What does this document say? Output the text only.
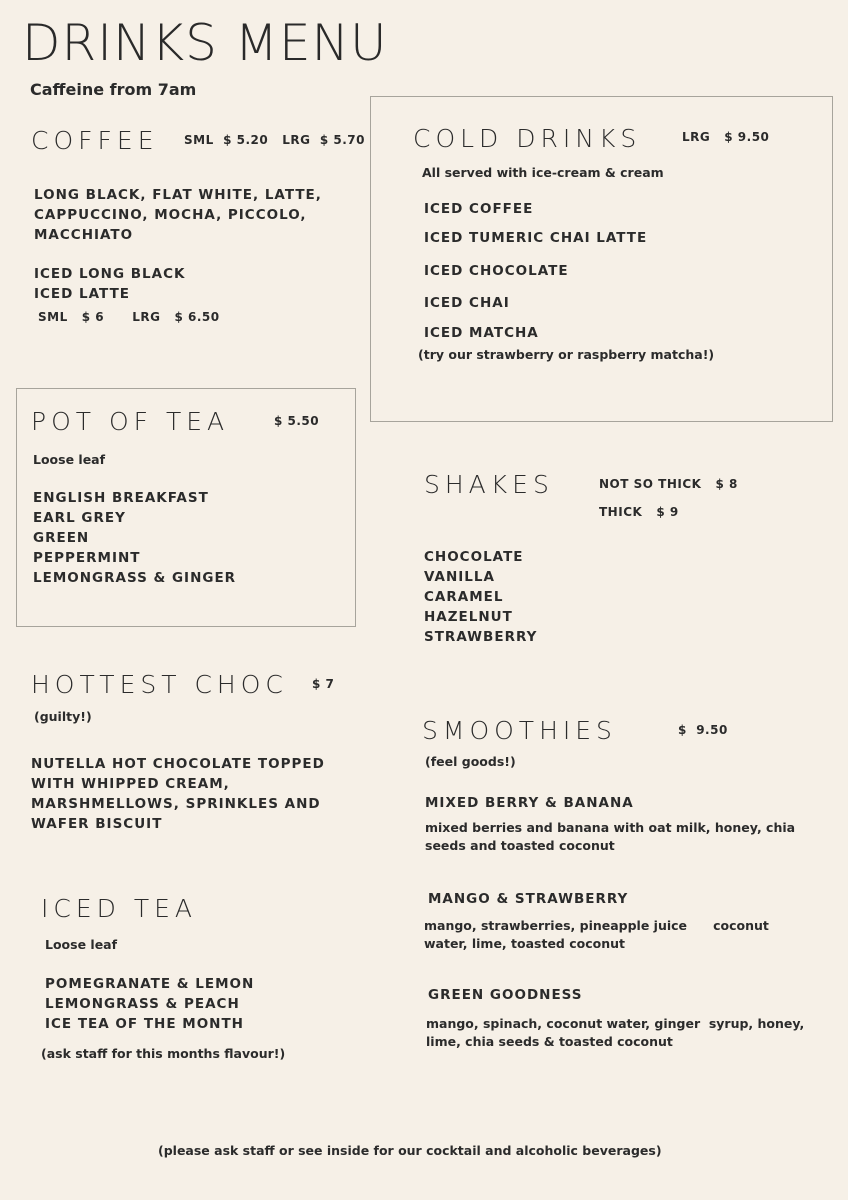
DRINKS MENU
Caffeine from 7am
COFFEE SML  $ 5.20   LRG  $ 5.70
LONG BLACK, FLAT WHITE, LATTE,
CAPPUCCINO, MOCHA, PICCOLO,
MACCHIATO
ICED LONG BLACK
ICED LATTE
SML   $ 6      LRG   $ 6.50
COLD DRINKS	LRG   $ 9.50
All served with ice-cream & cream
ICED COFFEE
ICED TUMERIC CHAI LATTE
ICED CHOCOLATE
ICED CHAI
ICED MATCHA
(try our strawberry or raspberry matcha!)
POT OF TEA	$ 5.50
Loose leaf
ENGLISH BREAKFAST
EARL GREY
GREEN
PEPPERMINT
LEMONGRASS & GINGER
SHAKES	NOT SO THICK   $ 8
THICK   $ 9
CHOCOLATE
VANILLA
CARAMEL
HAZELNUT
STRAWBERRY
HOTTEST CHOC $ 7
(guilty!)
NUTELLA HOT CHOCOLATE TOPPED
WITH WHIPPED CREAM,
MARSHMELLOWS, SPRINKLES AND
WAFER BISCUIT
SMOOTHIES	$  9.50
(feel goods!)
MIXED BERRY & BANANA
mixed berries and banana with oat milk, honey, chia
seeds and toasted coconut
MANGO & STRAWBERRY
mango, strawberries, pineapple juice      coconut
water, lime, toasted coconut
GREEN GOODNESS
mango, spinach, coconut water, ginger  syrup, honey,
lime, chia seeds & toasted coconut
ICED TEA
Loose leaf
POMEGRANATE & LEMON
LEMONGRASS & PEACH
ICE TEA OF THE MONTH
(ask staff for this months flavour!)
(please ask staff or see inside for our cocktail and alcoholic beverages)
